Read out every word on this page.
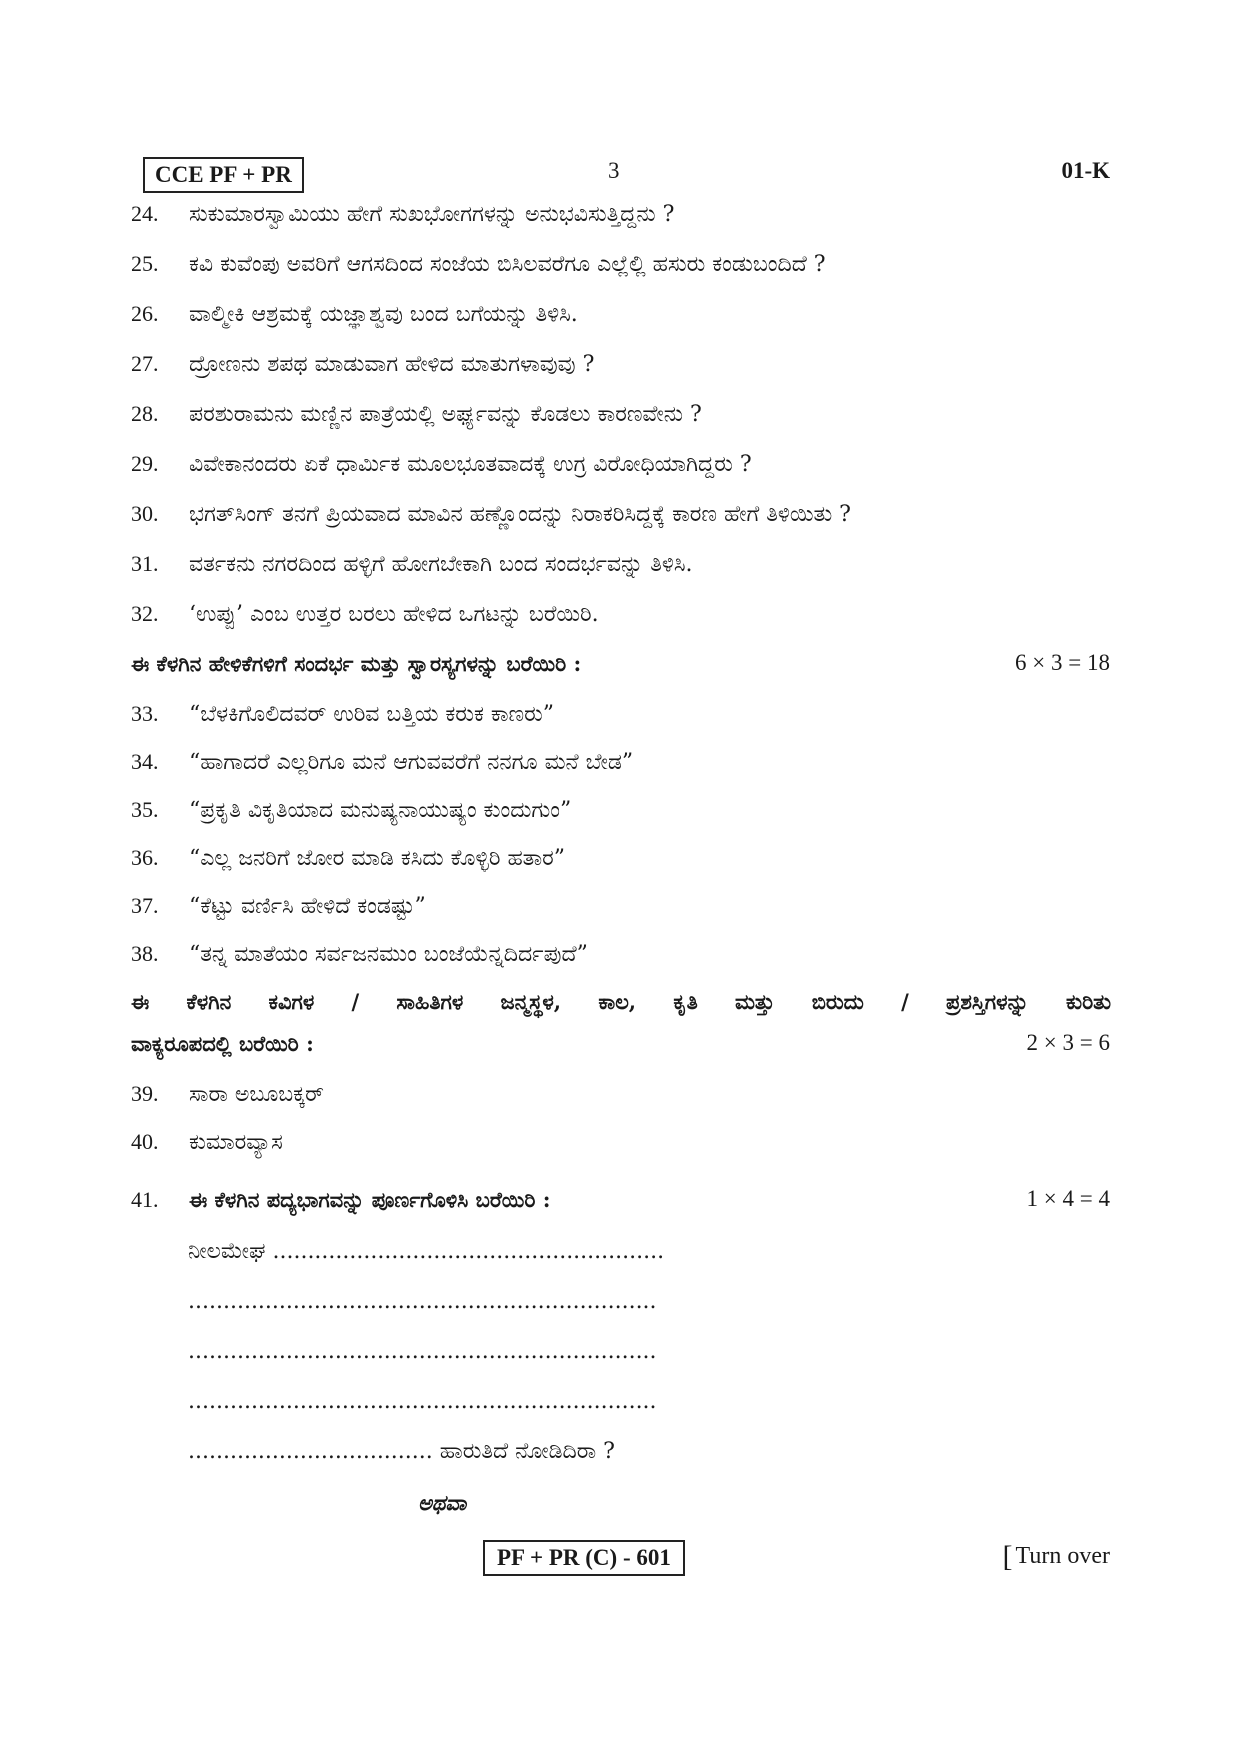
CCE PF + PR	3	01-K
24. ಸುಕುಮಾರಸ್ವಾಮಿಯು ಹೇಗೆ ಸುಖಭೋಗಗಳನ್ನು ಅನುಭವಿಸುತ್ತಿದ್ದನು ?
25. ಕವಿ ಕುವೆಂಪು ಅವರಿಗೆ ಆಗಸದಿಂದ ಸಂಜೆಯ ಬಿಸಿಲವರೆಗೂ ಎಲ್ಲೆಲ್ಲಿ ಹಸುರು ಕಂಡುಬಂದಿದೆ ?
26. ವಾಲ್ಮೀಕಿ ಆಶ್ರಮಕ್ಕೆ ಯಜ್ಞಾಶ್ವವು ಬಂದ ಬಗೆಯನ್ನು ತಿಳಿಸಿ.
27. ದ್ರೋಣನು ಶಪಥ ಮಾಡುವಾಗ ಹೇಳಿದ ಮಾತುಗಳಾವುವು ?
28. ಪರಶುರಾಮನು ಮಣ್ಣಿನ ಪಾತ್ರೆಯಲ್ಲಿ ಅರ್ಘ್ಯವನ್ನು ಕೊಡಲು ಕಾರಣವೇನು ?
29. ವಿವೇಕಾನಂದರು ಏಕೆ ಧಾರ್ಮಿಕ ಮೂಲಭೂತವಾದಕ್ಕೆ ಉಗ್ರ ವಿರೋಧಿಯಾಗಿದ್ದರು ?
30. ಭಗತ್‌ಸಿಂಗ್ ತನಗೆ ಪ್ರಿಯವಾದ ಮಾವಿನ ಹಣ್ಣೊಂದನ್ನು ನಿರಾಕರಿಸಿದ್ದಕ್ಕೆ ಕಾರಣ ಹೇಗೆ ತಿಳಿಯಿತು ?
31. ವರ್ತಕನು ನಗರದಿಂದ ಹಳ್ಳಿಗೆ ಹೋಗಬೇಕಾಗಿ ಬಂದ ಸಂದರ್ಭವನ್ನು ತಿಳಿಸಿ.
32. ‘ಉಪ್ಪು’ ಎಂಬ ಉತ್ತರ ಬರಲು ಹೇಳಿದ ಒಗಟನ್ನು ಬರೆಯಿರಿ.
ಈ ಕೆಳಗಿನ ಹೇಳಿಕೆಗಳಿಗೆ ಸಂದರ್ಭ ಮತ್ತು ಸ್ವಾರಸ್ಯಗಳನ್ನು ಬರೆಯಿರಿ :	6 × 3 = 18
33. “ಬೆಳಕಿಗೊಲಿದವರ್ ಉರಿವ ಬತ್ತಿಯ ಕರುಕ ಕಾಣರು”
34. “ಹಾಗಾದರೆ ಎಲ್ಲರಿಗೂ ಮನೆ ಆಗುವವರೆಗೆ ನನಗೂ ಮನೆ ಬೇಡ”
35. “ಪ್ರಕೃತಿ ವಿಕೃತಿಯಾದ ಮನುಷ್ಯನಾಯುಷ್ಯಂ ಕುಂದುಗುಂ”
36. “ಎಲ್ಲ ಜನರಿಗೆ ಜೋರ ಮಾಡಿ ಕಸಿದು ಕೊಳ್ಳಿರಿ ಹತಾರ”
37. “ಕೆಟ್ಟು ವರ್ಣಿಸಿ ಹೇಳಿದೆ ಕಂಡಷ್ಟು”
38. “ತನ್ನ ಮಾತೆಯಂ ಸರ್ವಜನಮುಂ ಬಂಜೆಯೆನ್ನದಿರ್ದಪುದೆ”
ಈ ಕೆಳಗಿನ ಕವಿಗಳ / ಸಾಹಿತಿಗಳ ಜನ್ಮಸ್ಥಳ, ಕಾಲ, ಕೃತಿ ಮತ್ತು ಬಿರುದು / ಪ್ರಶಸ್ತಿಗಳನ್ನು ಕುರಿತು
ವಾಕ್ಯರೂಪದಲ್ಲಿ ಬರೆಯಿರಿ :	2 × 3 = 6
39. ಸಾರಾ ಅಬೂಬಕ್ಕರ್
40. ಕುಮಾರವ್ಯಾಸ
41. ಈ ಕೆಳಗಿನ ಪದ್ಯಭಾಗವನ್ನು ಪೂರ್ಣಗೊಳಿಸಿ ಬರೆಯಿರಿ :	1 × 4 = 4
ನೀಲಮೇಘ ........................................................
...................................................................
...................................................................
...................................................................
................................... ಹಾರುತಿದೆ ನೋಡಿದಿರಾ ?
ಅಥವಾ
PF + PR (C) - 601	[ Turn over
